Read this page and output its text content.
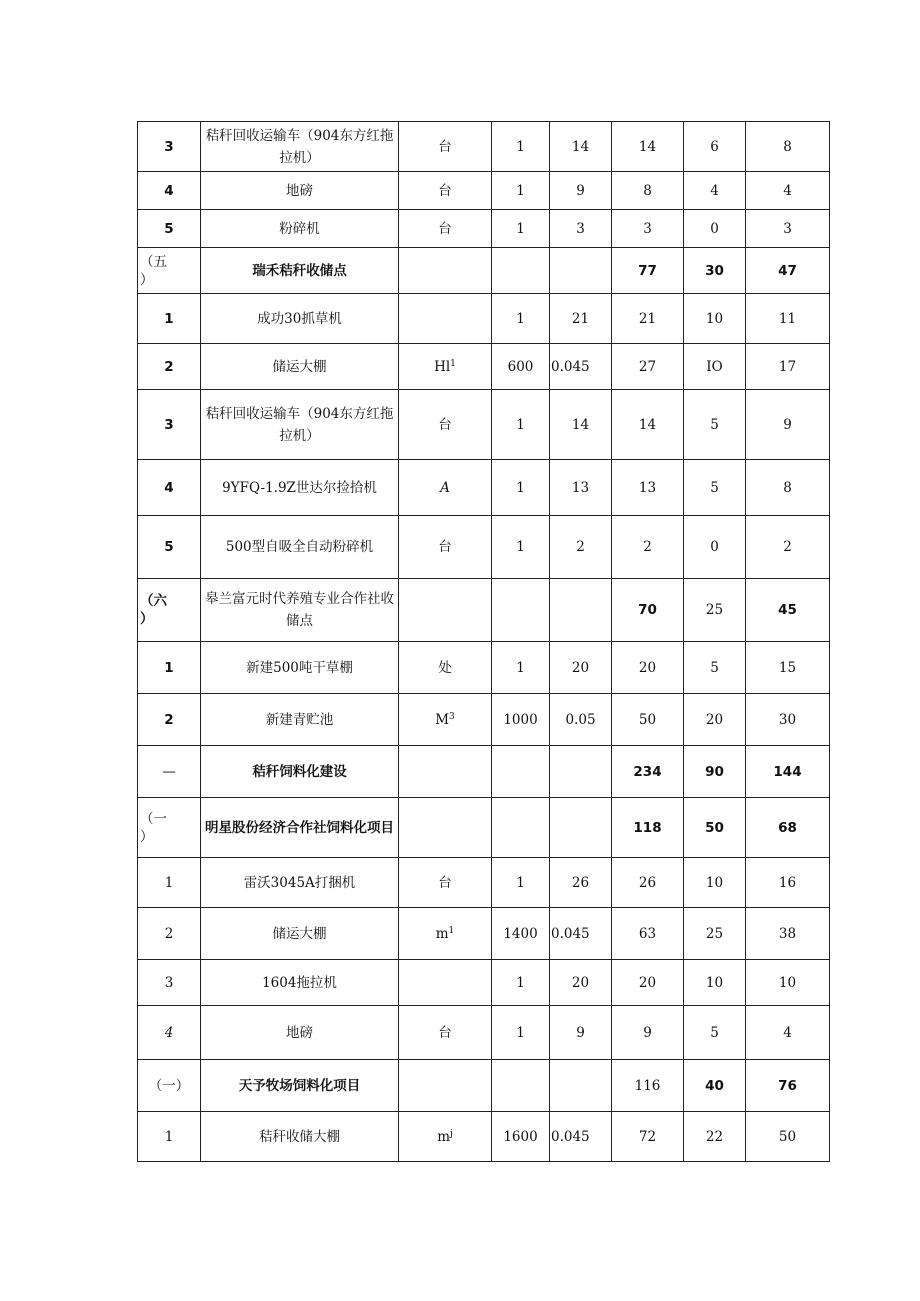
3	秸秆回收运输车（904东方红拖拉机）	台	1	14	14	6	8
4	地磅	台	1	9	8	4	4
5	粉碎机	台	1	3	3	0	3

（五
）	瑞禾秸秆收储点				77	30	47
1	成功30抓草机		1	21	21	10	11
2	储运大棚	Hl$^1$	600	0.045	27	IO	17
3	秸秆回收运输车（904东方红拖拉机）	台	1	14	14	5	9
4	9YFQ-1.9Z世达尔捡拾机	A	1	13	13	5	8
5	500型自吸全自动粉碎机	台	1	2	2	0	2

（六
）	皋兰富元时代养殖专业合作社收储点				70	25	45
1	新建500吨干草棚	处	1	20	20	5	15
2	新建青贮池	$M^3$	1000	0.05	50	20	30
—	秸秆饲料化建设				234	90	144

（一
）	明星股份经济合作社饲料化项目				118	50	68
1	雷沃3045A打捆机	台	1	26	26	10	16
2	储运大棚	$m^1$	1400	0.045	63	25	38
3	1604拖拉机		1	20	20	10	10
4	地磅	台	1	9	9	5	4
（一）	天予牧场饲料化项目				116	40	76
1	秸秆收储大棚	$m^j$	1600	0.045	72	22	50
